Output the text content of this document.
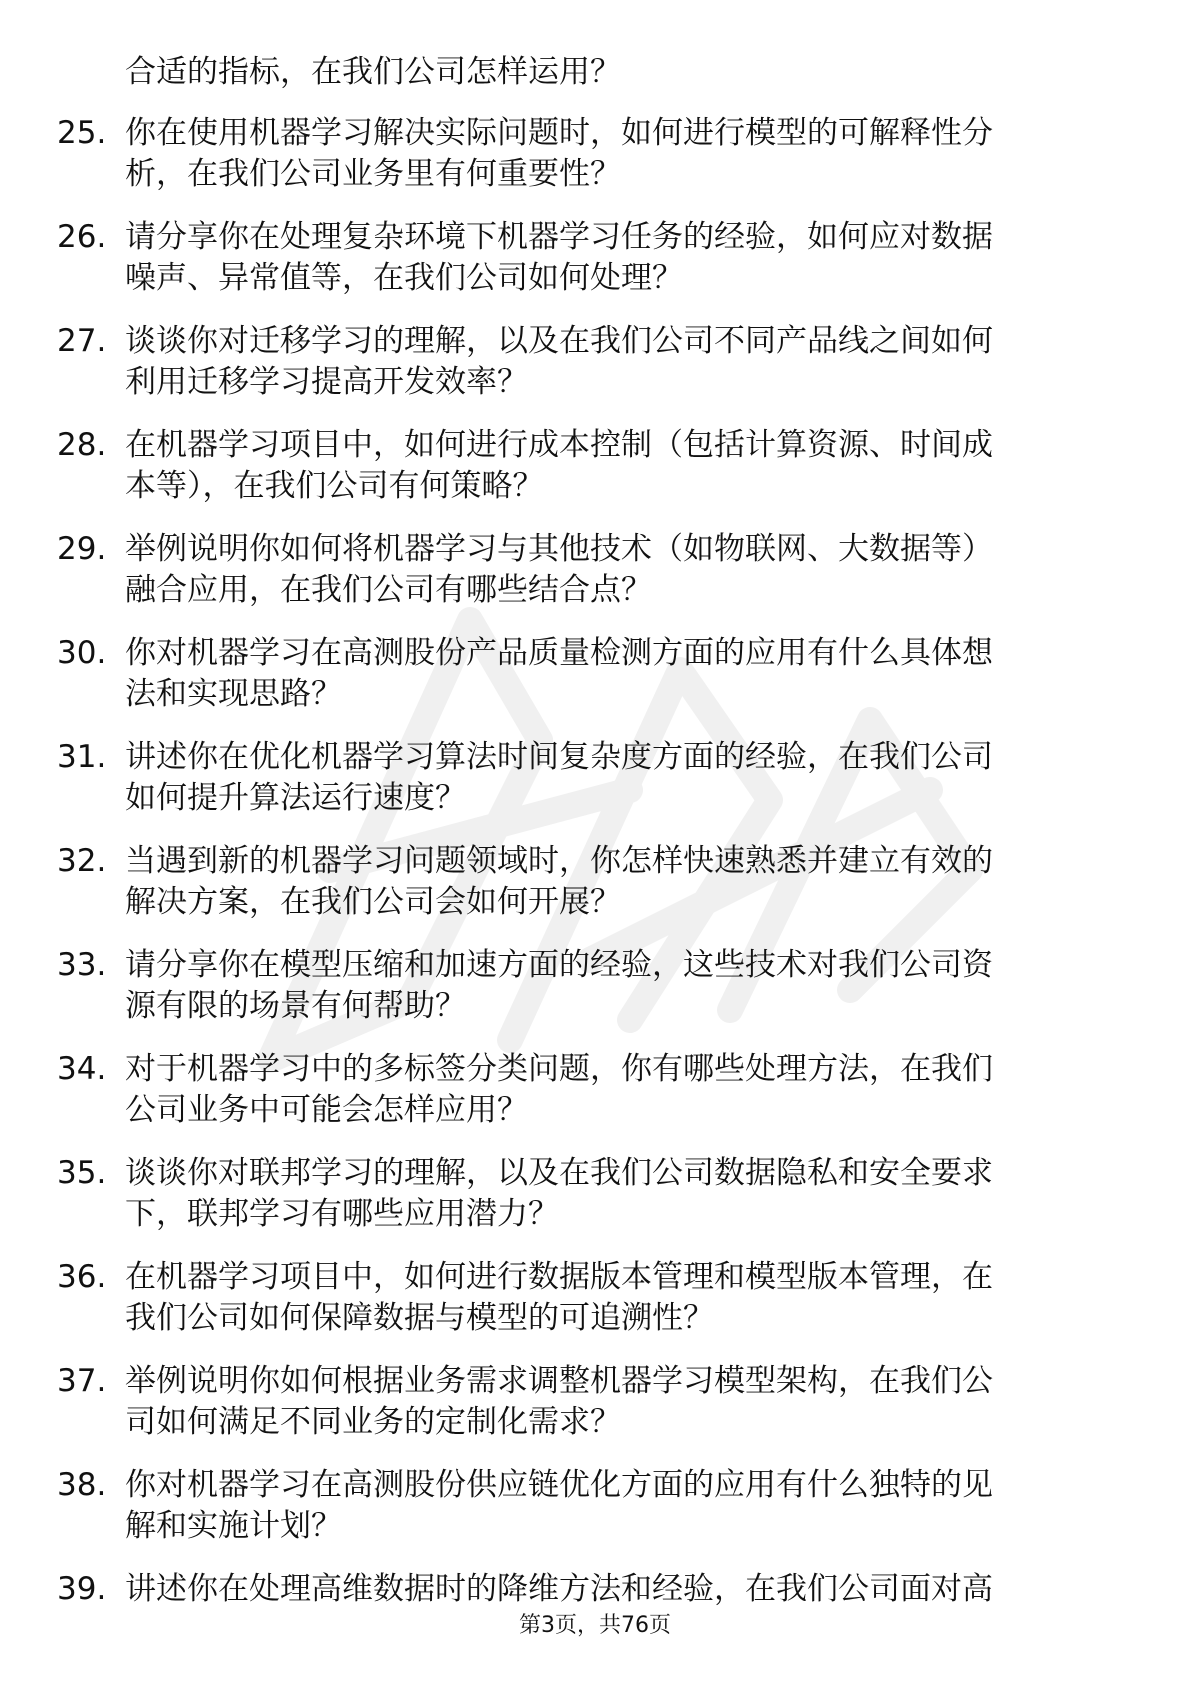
合适的指标，在我们公司怎样运用？
25. 你在使用机器学习解决实际问题时，如何进行模型的可解释性分
析，在我们公司业务里有何重要性？
26. 请分享你在处理复杂环境下机器学习任务的经验，如何应对数据
噪声、异常值等，在我们公司如何处理？
27. 谈谈你对迁移学习的理解，以及在我们公司不同产品线之间如何
利用迁移学习提高开发效率？
28. 在机器学习项目中，如何进行成本控制（包括计算资源、时间成
本等），在我们公司有何策略？
29. 举例说明你如何将机器学习与其他技术（如物联网、大数据等）
融合应用，在我们公司有哪些结合点？
30. 你对机器学习在高测股份产品质量检测方面的应用有什么具体想
法和实现思路？
31. 讲述你在优化机器学习算法时间复杂度方面的经验，在我们公司
如何提升算法运行速度？
32. 当遇到新的机器学习问题领域时，你怎样快速熟悉并建立有效的
解决方案，在我们公司会如何开展？
33. 请分享你在模型压缩和加速方面的经验，这些技术对我们公司资
源有限的场景有何帮助？
34. 对于机器学习中的多标签分类问题，你有哪些处理方法，在我们
公司业务中可能会怎样应用？
35. 谈谈你对联邦学习的理解，以及在我们公司数据隐私和安全要求
下，联邦学习有哪些应用潜力？
36. 在机器学习项目中，如何进行数据版本管理和模型版本管理，在
我们公司如何保障数据与模型的可追溯性？
37. 举例说明你如何根据业务需求调整机器学习模型架构，在我们公
司如何满足不同业务的定制化需求？
38. 你对机器学习在高测股份供应链优化方面的应用有什么独特的见
解和实施计划？
39. 讲述你在处理高维数据时的降维方法和经验，在我们公司面对高
第3页，共76页
